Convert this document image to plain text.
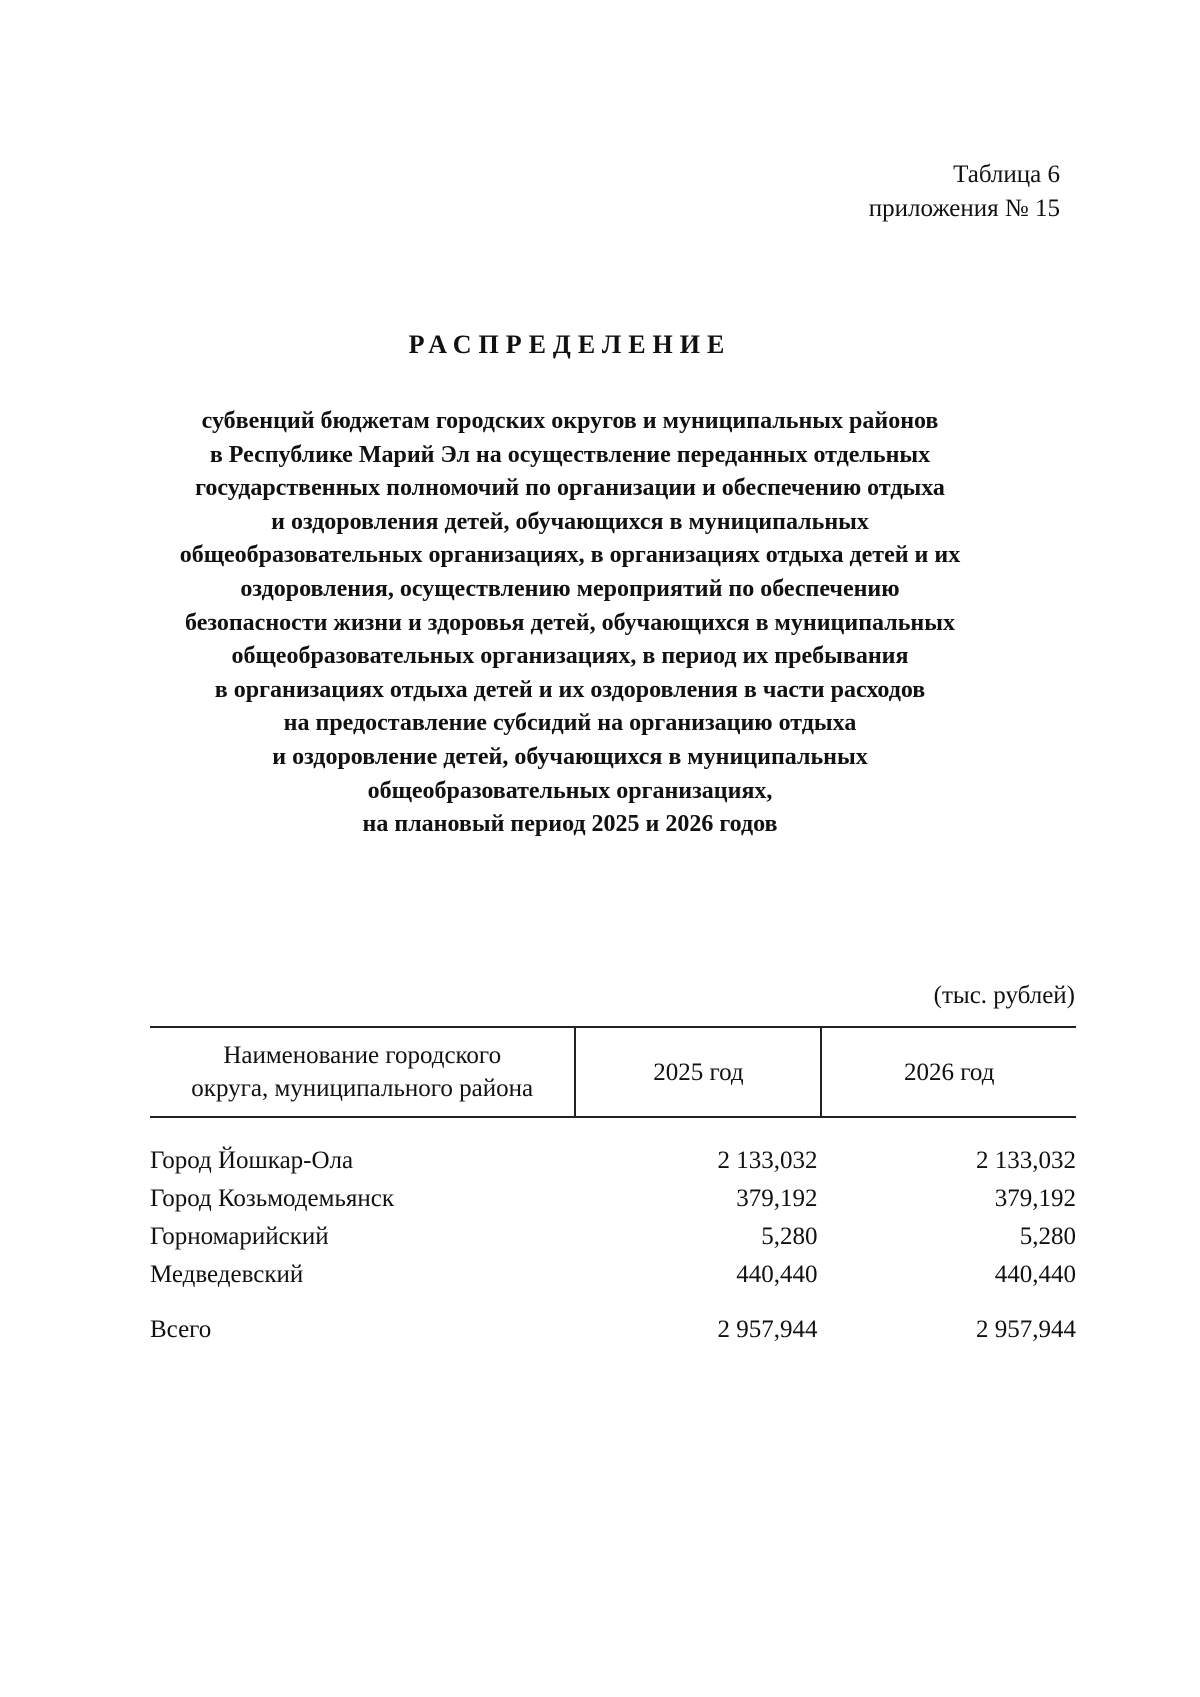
Таблица 6
приложения № 15
РАСПРЕДЕЛЕНИЕ
субвенций бюджетам городских округов и муниципальных районов
в Республике Марий Эл на осуществление переданных отдельных
государственных полномочий по организации и обеспечению отдыха
и оздоровления детей, обучающихся в муниципальных
общеобразовательных организациях, в организациях отдыха детей и их
оздоровления, осуществлению мероприятий по обеспечению
безопасности жизни и здоровья детей, обучающихся в муниципальных
общеобразовательных организациях, в период их пребывания
в организациях отдыха детей и их оздоровления в части расходов
на предоставление субсидий на организацию отдыха
и оздоровление детей, обучающихся в муниципальных
общеобразовательных организациях,
на плановый период 2025 и 2026 годов
(тыс. рублей)
Наименование городского
округа, муниципального района	2025 год	2026 год

Город Йошкар-Ола	2 133,032	2 133,032
Город Козьмодемьянск	379,192	379,192
Горномарийский	5,280	5,280
Медведевский	440,440	440,440
Всего	2 957,944	2 957,944
